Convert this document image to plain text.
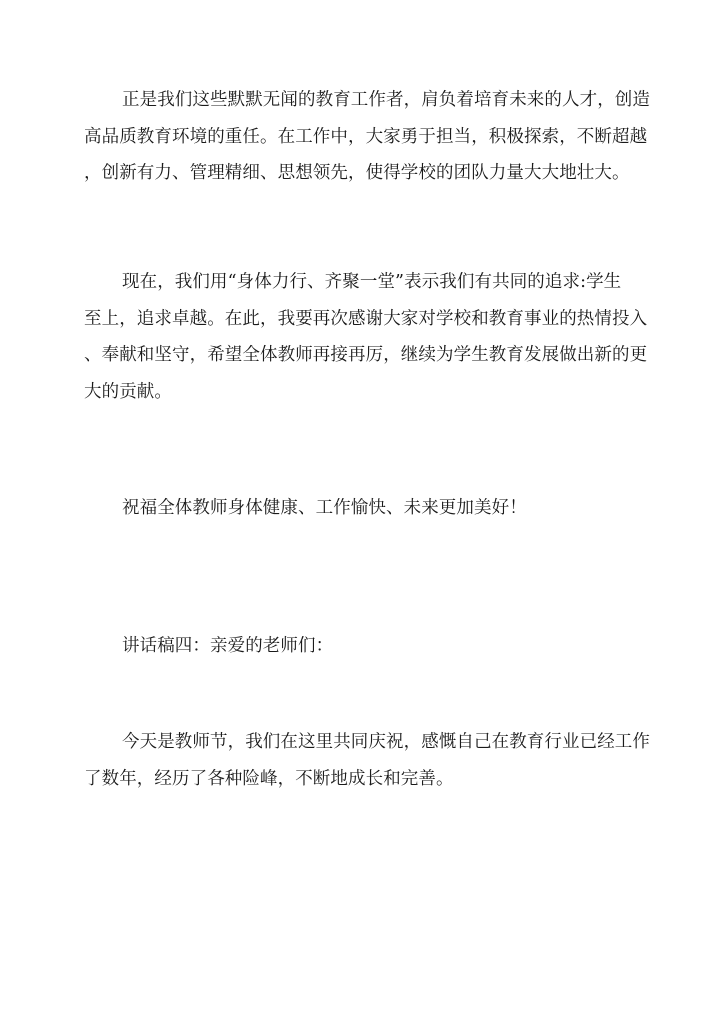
正是我们这些默默无闻的教育工作者，肩负着培育未来的人才，创造
高品质教育环境的重任。在工作中，大家勇于担当，积极探索，不断超越
，创新有力、管理精细、思想领先，使得学校的团队力量大大地壮大。
现在，我们用“身体力行、齐聚一堂”表示我们有共同的追求:学生
至上，追求卓越。在此，我要再次感谢大家对学校和教育事业的热情投入
、奉献和坚守，希望全体教师再接再厉，继续为学生教育发展做出新的更
大的贡献。
祝福全体教师身体健康、工作愉快、未来更加美好！
讲话稿四：亲爱的老师们：
今天是教师节，我们在这里共同庆祝，感慨自己在教育行业已经工作
了数年，经历了各种险峰，不断地成长和完善。
